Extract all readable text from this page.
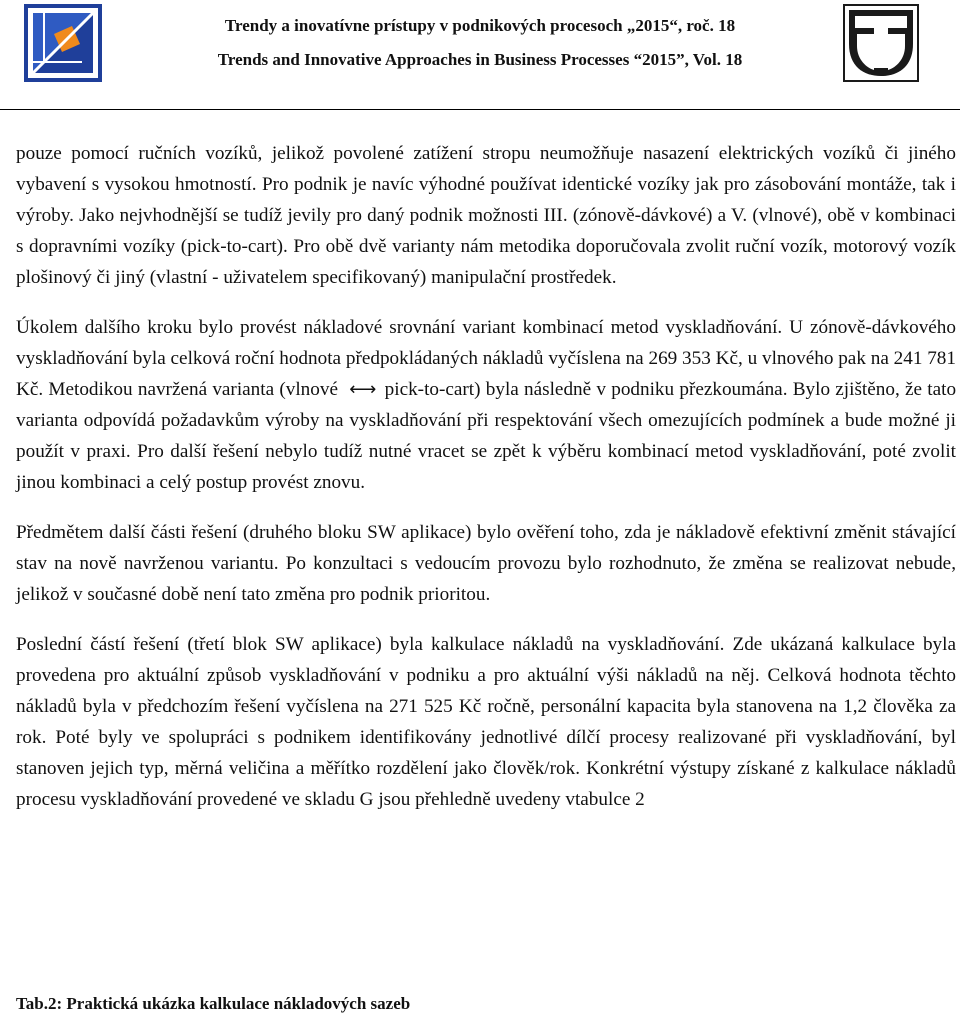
Trendy a inovatívne prístupy v podnikových procesoch „2015“, roč. 18
Trends and Innovative Approaches in Business Processes “2015”, Vol. 18

pouze pomocí ručních vozíků, jelikož povolené zatížení stropu neumožňuje nasazení elektrických vozíků či jiného vybavení s vysokou hmotností. Pro podnik je navíc výhodné používat identické vozíky jak pro zásobování montáže, tak i výroby. Jako nejvhodnější se tudíž jevily pro daný podnik možnosti III. (zónově-dávkové) a V. (vlnové), obě v kombinaci s dopravními vozíky (pick-to-cart). Pro obě dvě varianty nám metodika doporučovala zvolit ruční vozík, motorový vozík plošinový či jiný (vlastní - uživatelem specifikovaný) manipulační prostředek.

Úkolem dalšího kroku bylo provést nákladové srovnání variant kombinací metod vyskladňování. U zónově-dávkového vyskladňování byla celková roční hodnota předpokládaných nákladů vyčíslena na 269 353 Kč, u vlnového pak na 241 781 Kč. Metodikou navržená varianta (vlnové ←→ pick-to-cart) byla následně v podniku přezkoumána. Bylo zjištěno, že tato varianta odpovídá požadavkům výroby na vyskladňování při respektování všech omezujících podmínek a bude možné ji použít v praxi. Pro další řešení nebylo tudíž nutné vracet se zpět k výběru kombinací metod vyskladňování, poté zvolit jinou kombinaci a celý postup provést znovu.

Předmětem další části řešení (druhého bloku SW aplikace) bylo ověření toho, zda je nákladově efektivní změnit stávající stav na nově navrženou variantu. Po konzultaci s vedoucím provozu bylo rozhodnuto, že změna se realizovat nebude, jelikož v současné době není tato změna pro podnik prioritou.

Poslední částí řešení (třetí blok SW aplikace) byla kalkulace nákladů na vyskladňování. Zde ukázaná kalkulace byla provedena pro aktuální způsob vyskladňování v podniku a pro aktuální výši nákladů na něj. Celková hodnota těchto nákladů byla v předchozím řešení vyčíslena na 271 525 Kč ročně, personální kapacita byla stanovena na 1,2 člověka za rok. Poté byly ve spolupráci s podnikem identifikovány jednotlivé dílčí procesy realizované při vyskladňování, byl stanoven jejich typ, měrná veličina a měřítko rozdělení jako člověk/rok. Konkrétní výstupy získané z kalkulace nákladů procesu vyskladňování provedené ve skladu G jsou přehledně uvedeny vtabulce 2

Tab.2: Praktická ukázka kalkulace nákladových sazeb
